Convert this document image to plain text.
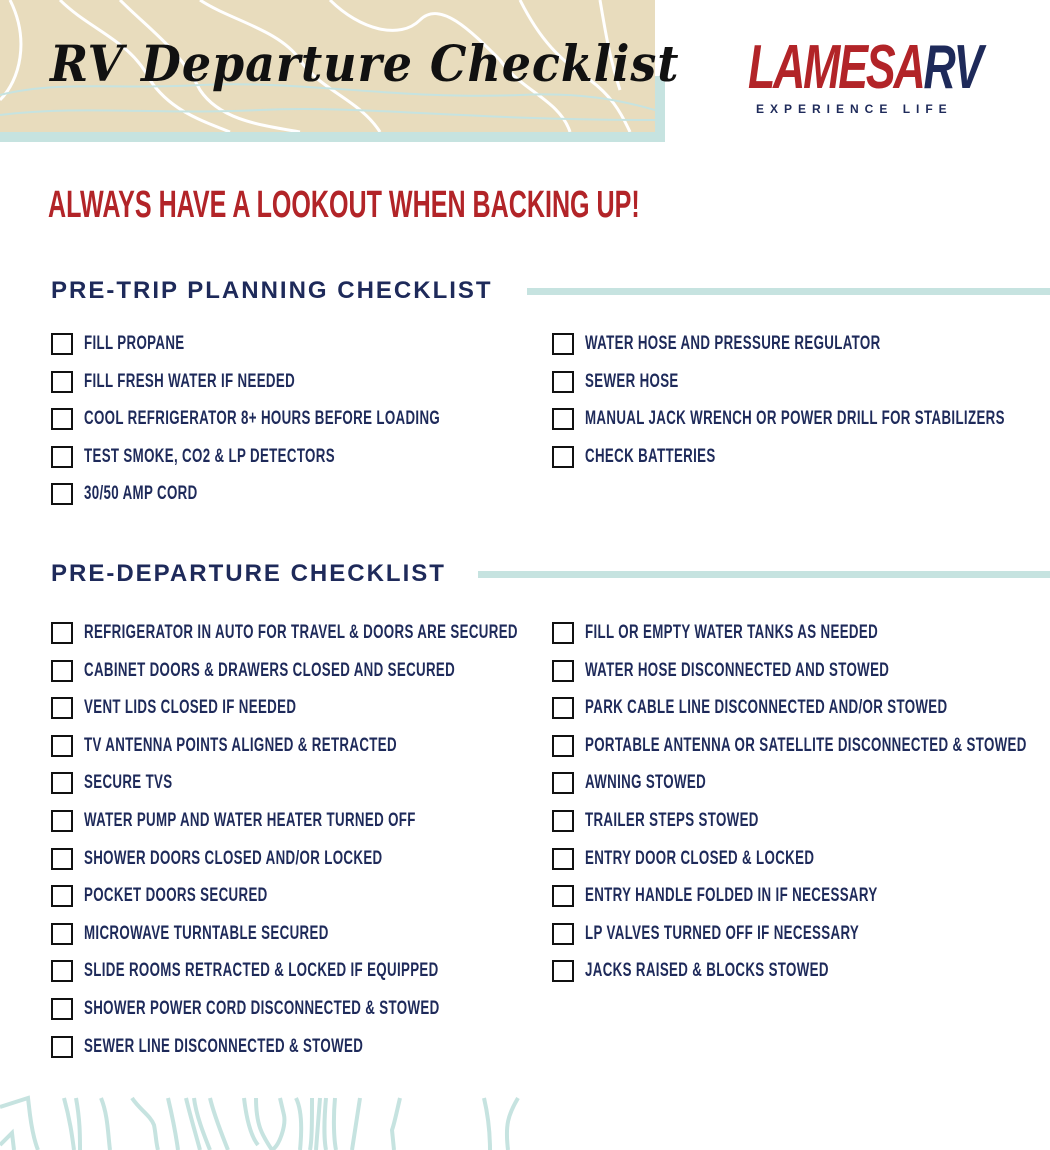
RV Departure Checklist LAMESARV
EXPERIENCE LIFE
ALWAYS HAVE A LOOKOUT WHEN BACKING UP!
PRE-TRIP PLANNING CHECKLIST
FILL PROPANE
FILL FRESH WATER IF NEEDED
COOL REFRIGERATOR 8+ HOURS BEFORE LOADING
TEST SMOKE, CO2 & LP DETECTORS
30/50 AMP CORD
WATER HOSE AND PRESSURE REGULATOR
SEWER HOSE
MANUAL JACK WRENCH OR POWER DRILL FOR STABILIZERS
CHECK BATTERIES
PRE-DEPARTURE CHECKLIST
REFRIGERATOR IN AUTO FOR TRAVEL & DOORS ARE SECURED
CABINET DOORS & DRAWERS CLOSED AND SECURED
VENT LIDS CLOSED IF NEEDED
TV ANTENNA POINTS ALIGNED & RETRACTED
SECURE TVS
WATER PUMP AND WATER HEATER TURNED OFF
SHOWER DOORS CLOSED AND/OR LOCKED
POCKET DOORS SECURED
MICROWAVE TURNTABLE SECURED
SLIDE ROOMS RETRACTED & LOCKED IF EQUIPPED
SHOWER POWER CORD DISCONNECTED & STOWED
SEWER LINE DISCONNECTED & STOWED
FILL OR EMPTY WATER TANKS AS NEEDED
WATER HOSE DISCONNECTED AND STOWED
PARK CABLE LINE DISCONNECTED AND/OR STOWED
PORTABLE ANTENNA OR SATELLITE DISCONNECTED & STOWED
AWNING STOWED
TRAILER STEPS STOWED
ENTRY DOOR CLOSED & LOCKED
ENTRY HANDLE FOLDED IN IF NECESSARY
LP VALVES TURNED OFF IF NECESSARY
JACKS RAISED & BLOCKS STOWED
